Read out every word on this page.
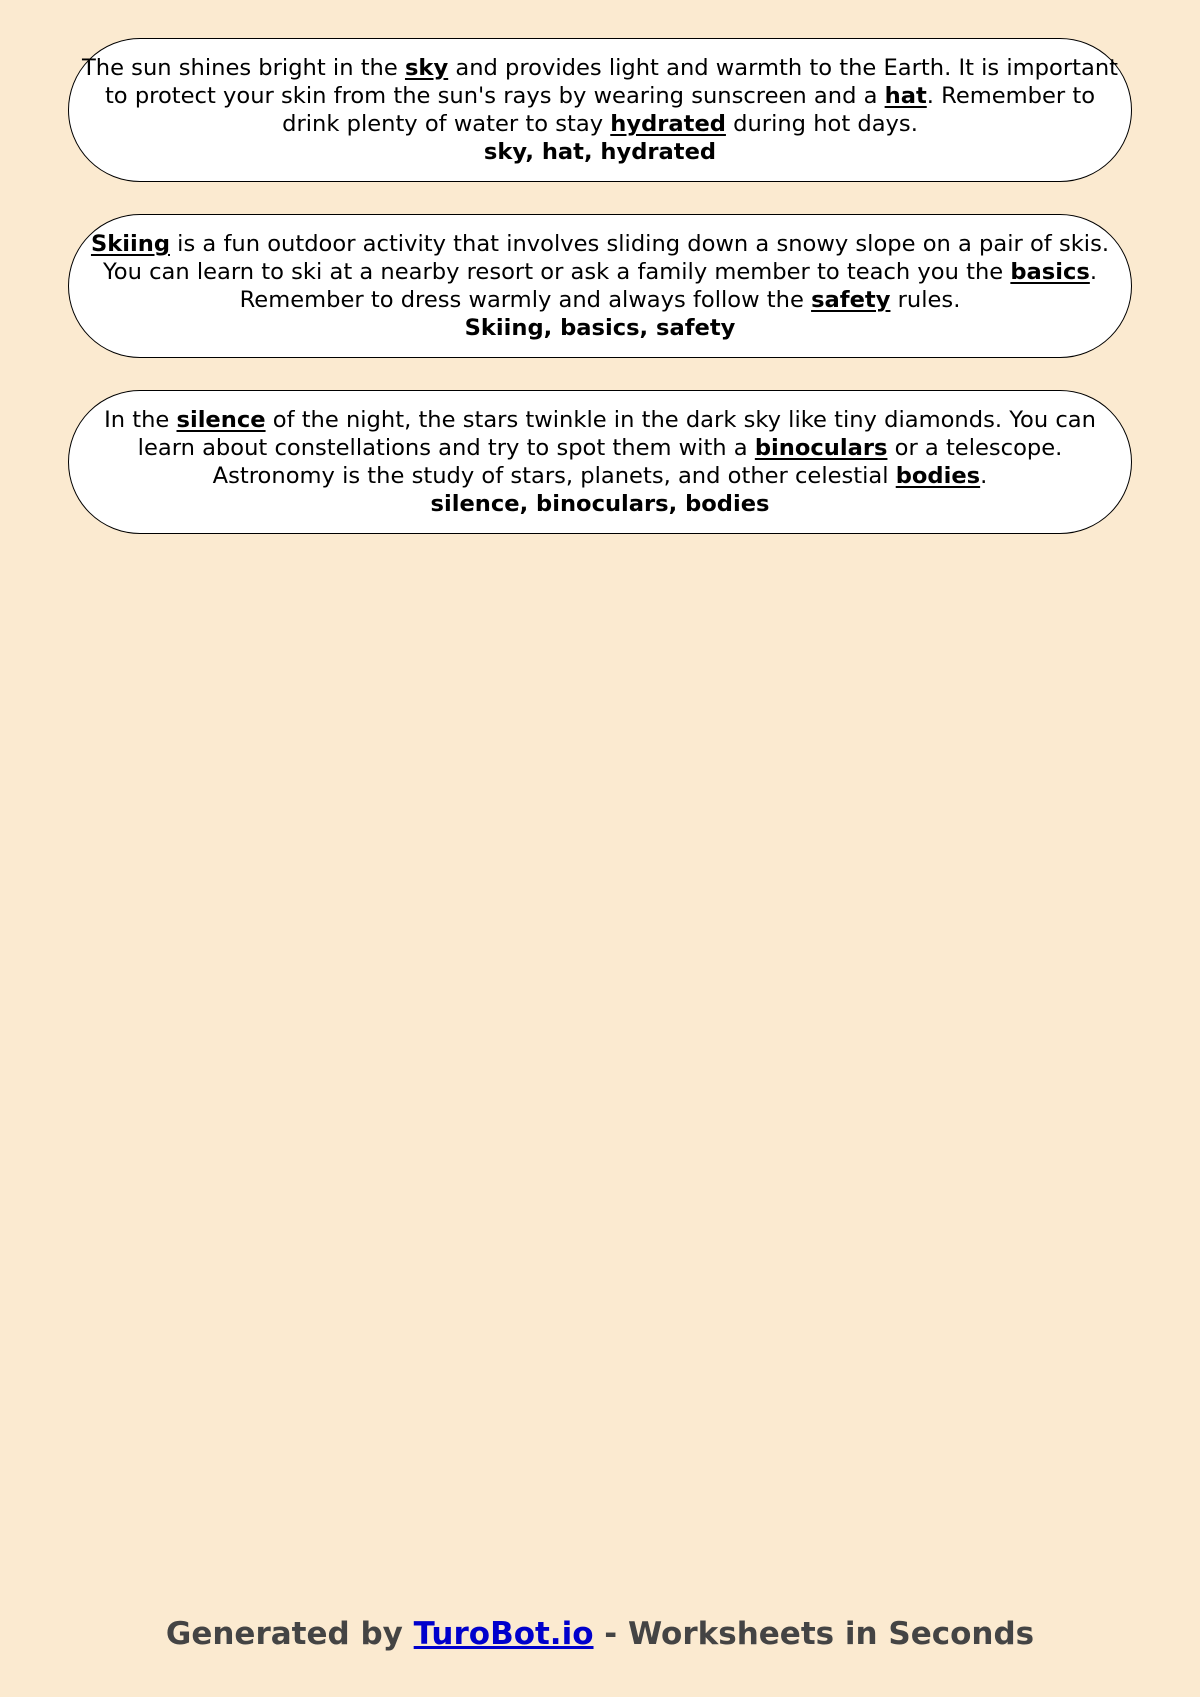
The sun shines bright in the sky and provides light and warmth to the Earth. It is important to protect your skin from the sun's rays by wearing sunscreen and a hat. Remember to drink plenty of water to stay hydrated during hot days.

sky, hat, hydrated

Skiing is a fun outdoor activity that involves sliding down a snowy slope on a pair of skis. You can learn to ski at a nearby resort or ask a family member to teach you the basics. Remember to dress warmly and always follow the safety rules.

Skiing, basics, safety

In the silence of the night, the stars twinkle in the dark sky like tiny diamonds. You can learn about constellations and try to spot them with a binoculars or a telescope. Astronomy is the study of stars, planets, and other celestial bodies.

silence, binoculars, bodies

Generated by TuroBot.io - Worksheets in Seconds
